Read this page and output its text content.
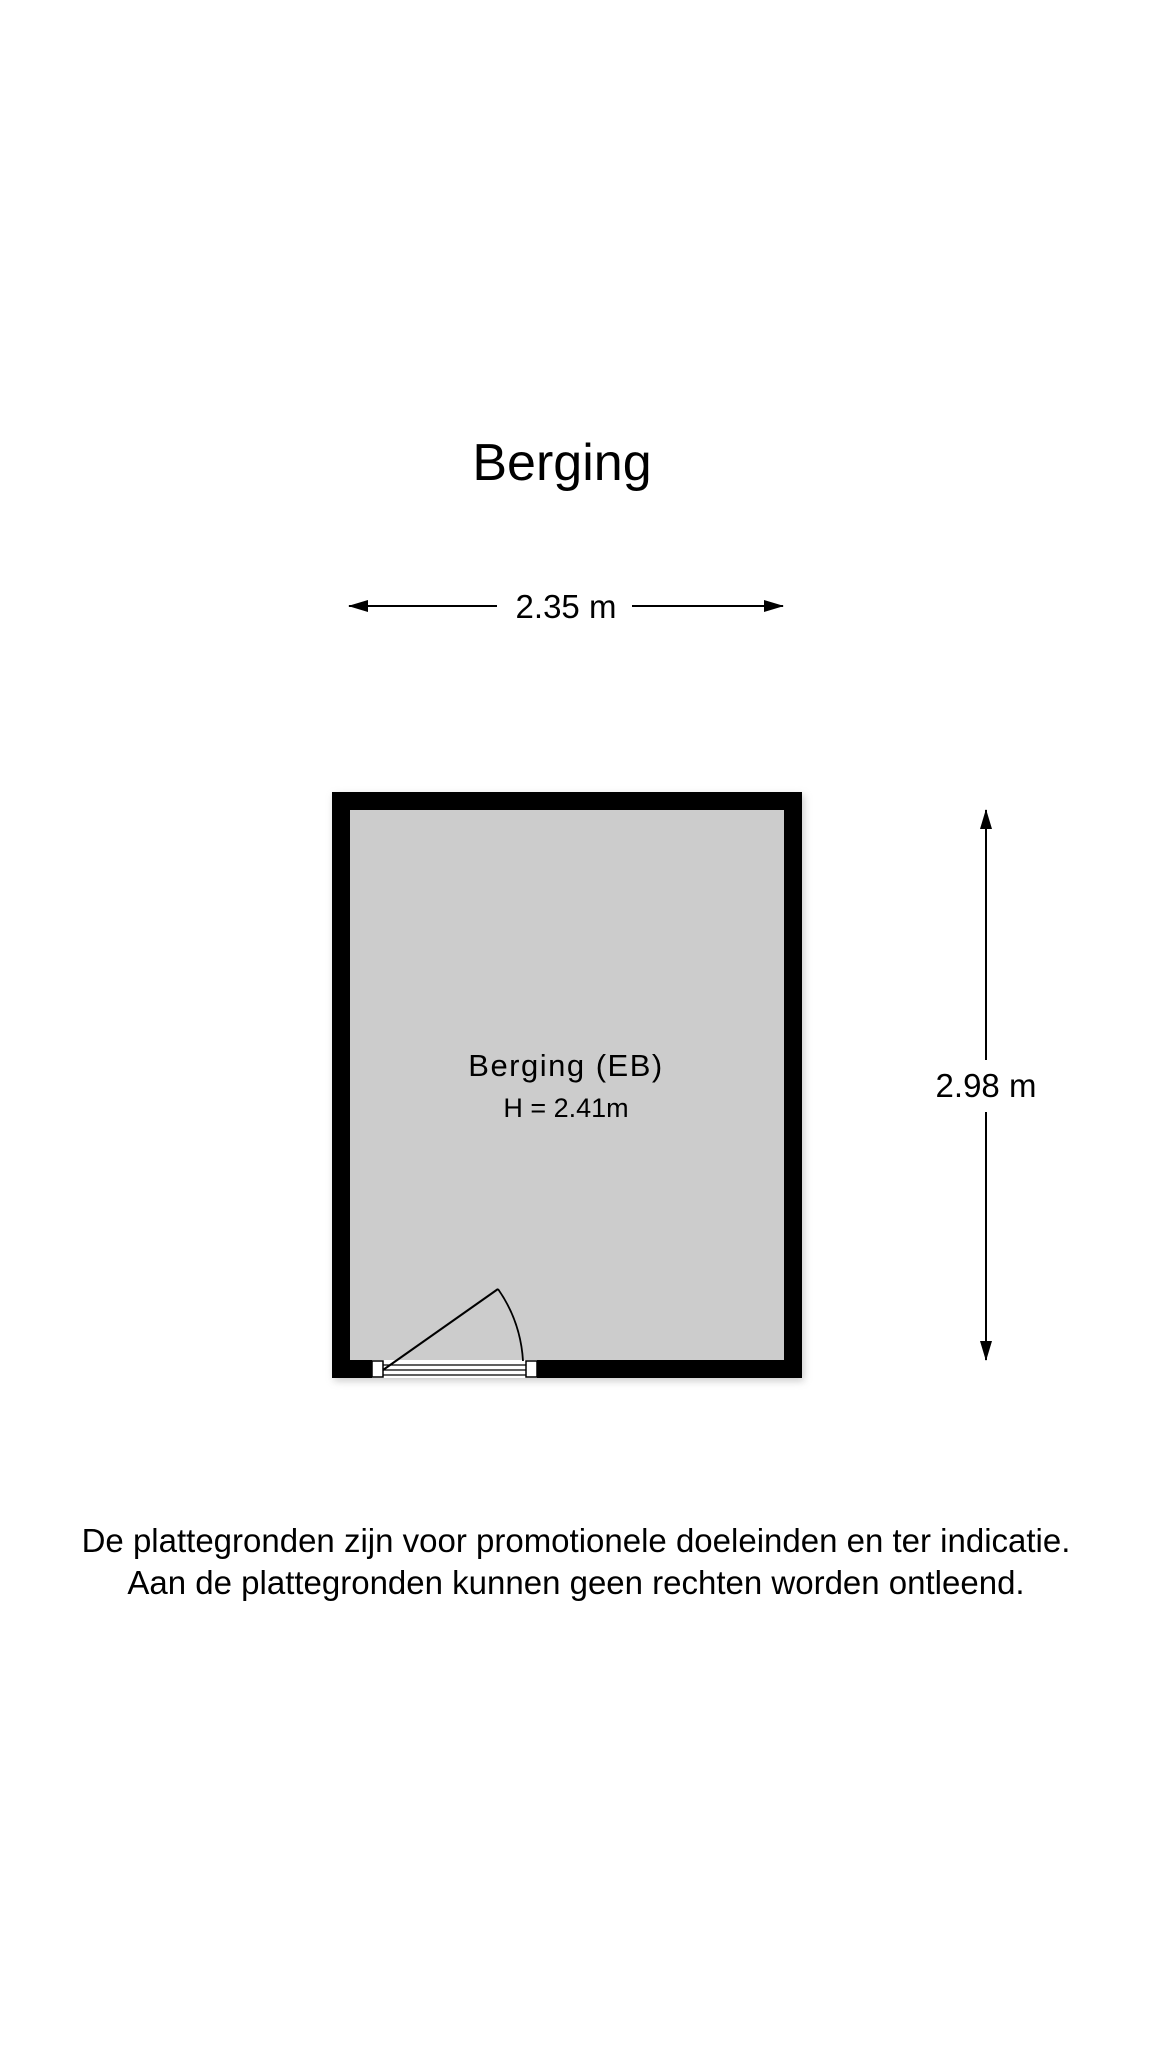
Berging
2.35 m
2.98 m
Berging (EB)
H = 2.41m
De plattegronden zijn voor promotionele doeleinden en ter indicatie.
Aan de plattegronden kunnen geen rechten worden ontleend.
